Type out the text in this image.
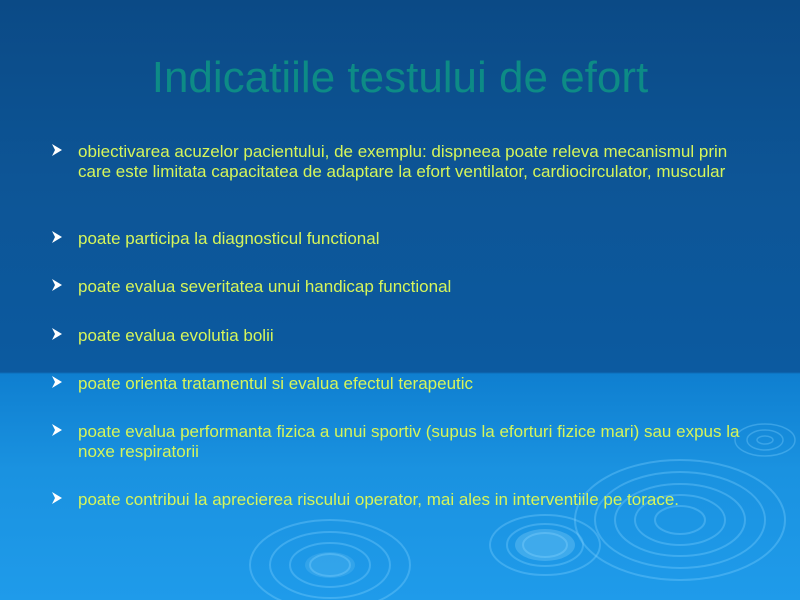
Indicatiile testului de efort
obiectivarea acuzelor pacientului, de exemplu: dispneea poate releva mecanismul prin care este limitata capacitatea de adaptare la efort ventilator, cardiocirculator, muscular
poate participa la diagnosticul functional
poate evalua severitatea unui handicap functional
poate evalua evolutia bolii
poate orienta tratamentul si evalua efectul terapeutic
poate evalua performanta fizica a unui sportiv (supus la eforturi fizice mari) sau expus la noxe respiratorii
poate contribui la aprecierea riscului operator, mai ales in interventiile pe torace.
